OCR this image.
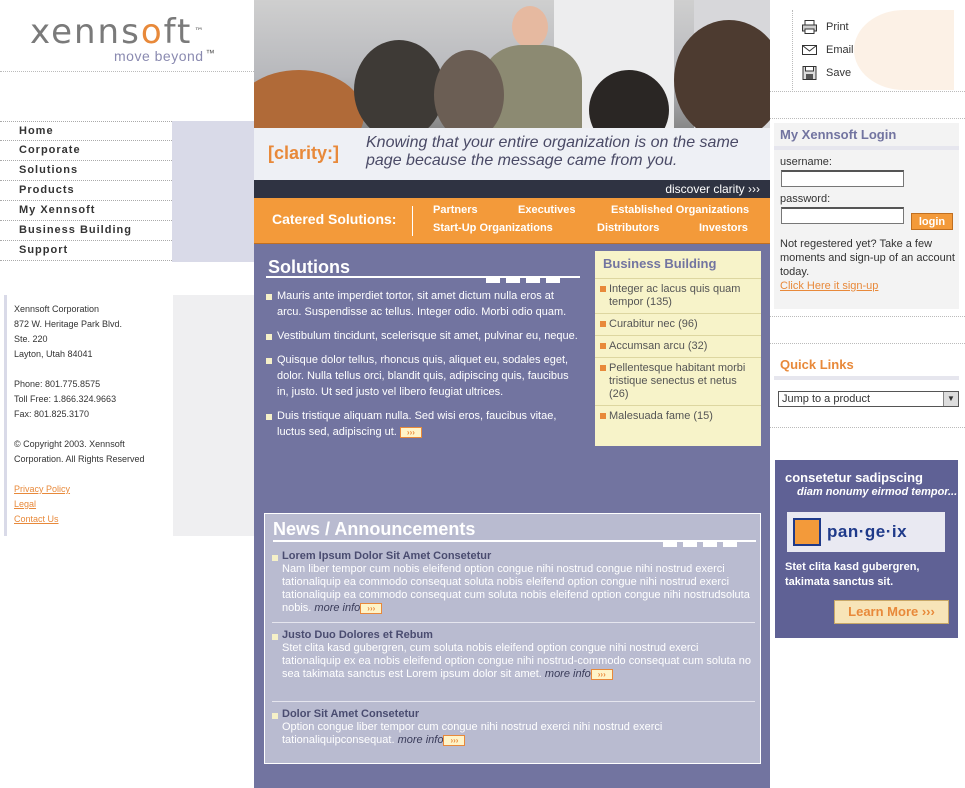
xennsoft ™
move beyond ™
Home
Corporate
Solutions
Products
My Xennsoft
Business Building
Support
Xennsoft Corporation
872 W. Heritage Park Blvd.
Ste. 220
Layton, Utah 84041
Phone: 801.775.8575
Toll Free: 1.866.324.9663
Fax: 801.825.3170
© Copyright 2003. Xennsoft
Corporation. All Rights Reserved
Privacy Policy
Legal
Contact Us
[clarity:]
Knowing that your entire organization is on the same page because the message came from you.
discover clarity ›››
Catered Solutions:
Partners	Executives	Established Organizations
Start-Up Organizations	Distributors	Investors
Solutions
Mauris ante imperdiet tortor, sit amet dictum nulla eros at arcu. Suspendisse ac tellus. Integer odio. Morbi odio quam.
Vestibulum tincidunt, scelerisque sit amet, pulvinar eu, neque.
Quisque dolor tellus, rhoncus quis, aliquet eu, sodales eget, dolor. Nulla tellus orci, blandit quis, adipiscing quis, faucibus in, justo. Ut sed justo vel libero feugiat ultrices.
Duis tristique aliquam nulla. Sed wisi eros, faucibus vitae, luctus sed, adipiscing ut. ›››
Business Building
Integer ac lacus quis quam tempor (135)
Curabitur nec (96)
Accumsan arcu (32)
Pellentesque habitant morbi tristique senectus et netus (26)
Malesuada fame (15)
News / Announcements
Lorem Ipsum Dolor Sit Amet Consetetur
Nam liber tempor cum nobis eleifend option congue nihi nostrud congue nihi nostrud exerci tationaliquip ea commodo consequat soluta nobis eleifend option congue nihi nostrud exerci tationaliquip ea commodo consequat cum soluta nobis eleifend option congue nihi nostrudsoluta nobis. more info ›››
Justo Duo Dolores et Rebum
Stet clita kasd gubergren, cum soluta nobis eleifend option congue nihi nostrud exerci tationaliquip ex ea nobis eleifend option congue nihi nostrud-commodo consequat cum soluta no sea takimata sanctus est Lorem ipsum dolor sit amet. more info ›››
Dolor Sit Amet Consetetur
Option congue liber tempor cum congue nihi nostrud exerci nihi nostrud exerci tationaliquipconsequat. more info ›››
Print
Email
Save
My Xennsoft Login
username:
password:
login
Not regestered yet? Take a few moments and sign-up of an account today.
Click Here it sign-up
Quick Links
Jump to a product	▼
consetetur sadipscing
diam nonumy eirmod tempor...
pan·ge·ix
Stet clita kasd gubergren, takimata sanctus sit.
Learn More ›››
